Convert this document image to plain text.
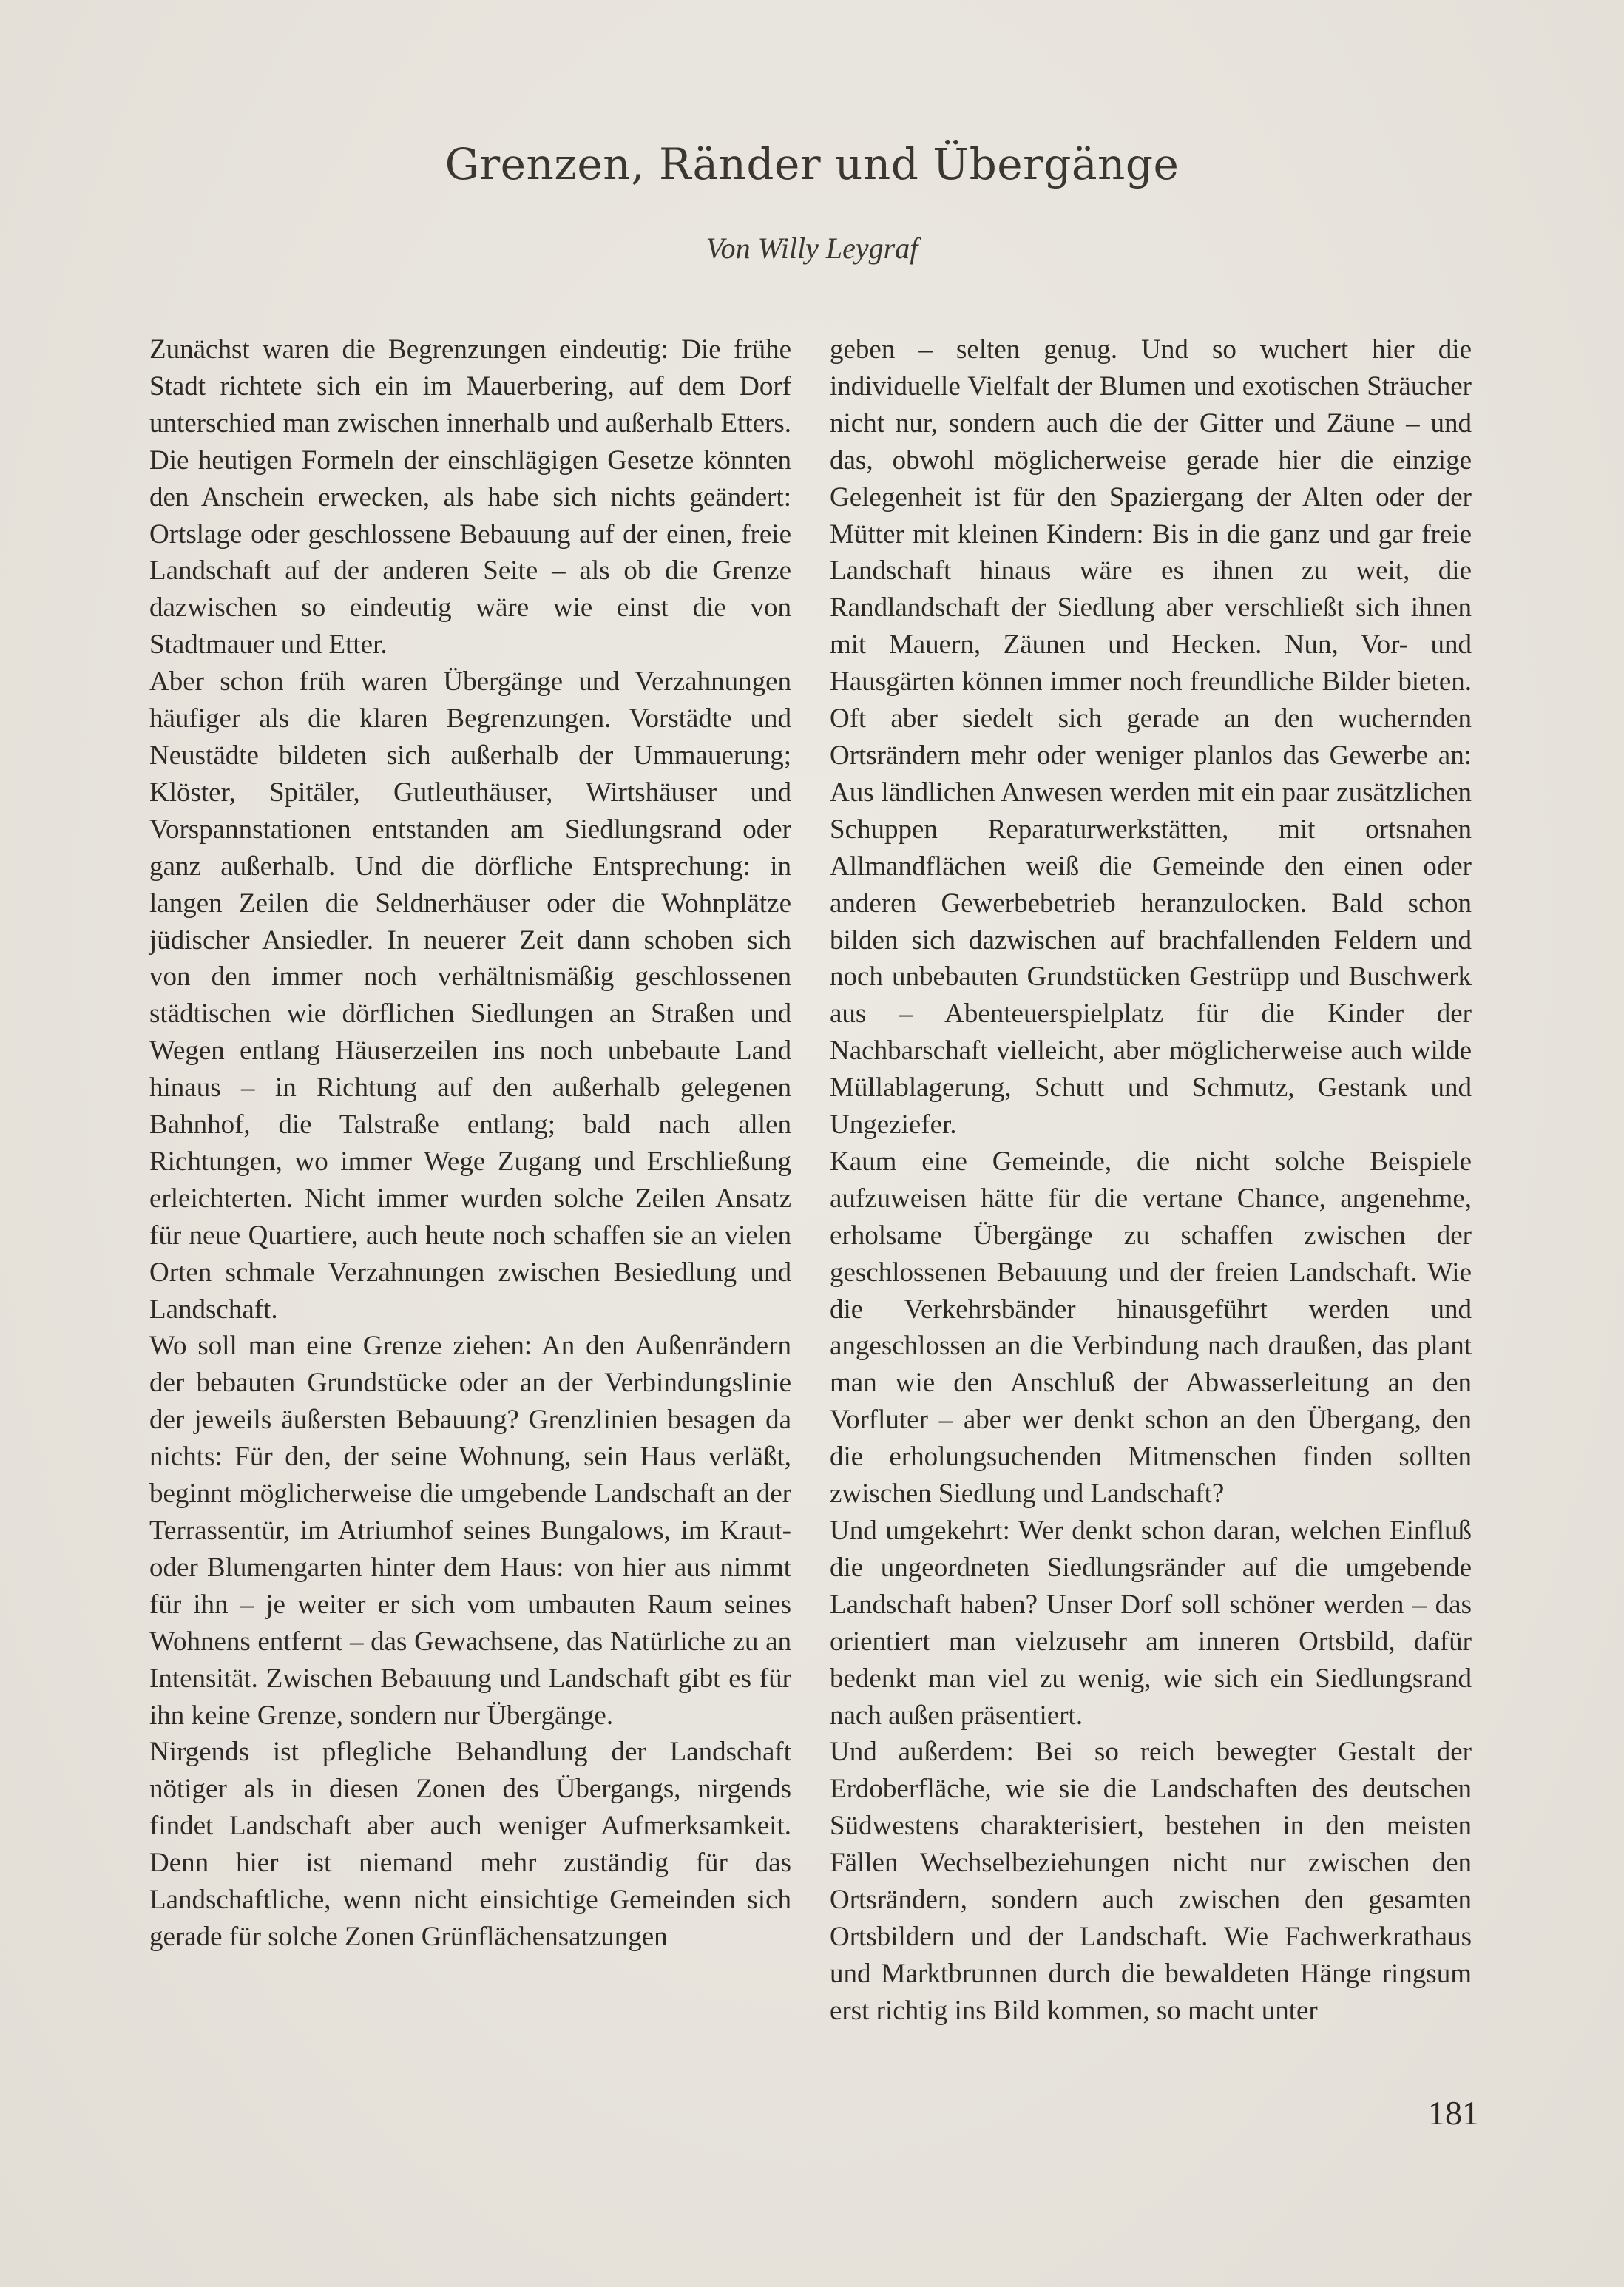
Grenzen, Ränder und Übergänge

Von Willy Leygraf

Zunächst waren die Begrenzungen eindeutig: Die frühe Stadt richtete sich ein im Mauerbering, auf dem Dorf unterschied man zwischen innerhalb und außerhalb Etters. Die heutigen Formeln der einschlägigen Gesetze könnten den Anschein erwecken, als habe sich nichts geändert: Ortslage oder geschlossene Bebauung auf der einen, freie Landschaft auf der anderen Seite – als ob die Grenze dazwischen so eindeutig wäre wie einst die von Stadtmauer und Etter.

Aber schon früh waren Übergänge und Verzahnungen häufiger als die klaren Begrenzungen. Vorstädte und Neustädte bildeten sich außerhalb der Ummauerung; Klöster, Spitäler, Gutleuthäuser, Wirtshäuser und Vorspannstationen entstanden am Siedlungsrand oder ganz außerhalb. Und die dörfliche Entsprechung: in langen Zeilen die Seldnerhäuser oder die Wohnplätze jüdischer Ansiedler. In neuerer Zeit dann schoben sich von den immer noch verhältnismäßig geschlossenen städtischen wie dörflichen Siedlungen an Straßen und Wegen entlang Häuserzeilen ins noch unbebaute Land hinaus – in Richtung auf den außerhalb gelegenen Bahnhof, die Talstraße entlang; bald nach allen Richtungen, wo immer Wege Zugang und Erschließung erleichterten. Nicht immer wurden solche Zeilen Ansatz für neue Quartiere, auch heute noch schaffen sie an vielen Orten schmale Verzahnungen zwischen Besiedlung und Landschaft.

Wo soll man eine Grenze ziehen: An den Außenrändern der bebauten Grundstücke oder an der Verbindungslinie der jeweils äußersten Bebauung? Grenzlinien besagen da nichts: Für den, der seine Wohnung, sein Haus verläßt, beginnt möglicherweise die umgebende Landschaft an der Terrassentür, im Atriumhof seines Bungalows, im Kraut- oder Blumengarten hinter dem Haus: von hier aus nimmt für ihn – je weiter er sich vom umbauten Raum seines Wohnens entfernt – das Gewachsene, das Natürliche zu an Intensität. Zwischen Bebauung und Landschaft gibt es für ihn keine Grenze, sondern nur Übergänge.

Nirgends ist pflegliche Behandlung der Landschaft nötiger als in diesen Zonen des Übergangs, nirgends findet Landschaft aber auch weniger Aufmerksamkeit. Denn hier ist niemand mehr zuständig für das Landschaftliche, wenn nicht einsichtige Gemeinden sich gerade für solche Zonen Grünflächensatzungen

geben – selten genug. Und so wuchert hier die individuelle Vielfalt der Blumen und exotischen Sträucher nicht nur, sondern auch die der Gitter und Zäune – und das, obwohl möglicherweise gerade hier die einzige Gelegenheit ist für den Spaziergang der Alten oder der Mütter mit kleinen Kindern: Bis in die ganz und gar freie Landschaft hinaus wäre es ihnen zu weit, die Randlandschaft der Siedlung aber verschließt sich ihnen mit Mauern, Zäunen und Hecken. Nun, Vor- und Hausgärten können immer noch freundliche Bilder bieten. Oft aber siedelt sich gerade an den wuchernden Ortsrändern mehr oder weniger planlos das Gewerbe an: Aus ländlichen Anwesen werden mit ein paar zusätzlichen Schuppen Reparaturwerkstätten, mit ortsnahen Allmandflächen weiß die Gemeinde den einen oder anderen Gewerbebetrieb heranzulocken. Bald schon bilden sich dazwischen auf brachfallenden Feldern und noch unbebauten Grundstücken Gestrüpp und Buschwerk aus – Abenteuerspielplatz für die Kinder der Nachbarschaft vielleicht, aber möglicherweise auch wilde Müllablagerung, Schutt und Schmutz, Gestank und Ungeziefer.

Kaum eine Gemeinde, die nicht solche Beispiele aufzuweisen hätte für die vertane Chance, angenehme, erholsame Übergänge zu schaffen zwischen der geschlossenen Bebauung und der freien Landschaft. Wie die Verkehrsbänder hinausgeführt werden und angeschlossen an die Verbindung nach draußen, das plant man wie den Anschluß der Abwasserleitung an den Vorfluter – aber wer denkt schon an den Übergang, den die erholungsuchenden Mitmenschen finden sollten zwischen Siedlung und Landschaft?

Und umgekehrt: Wer denkt schon daran, welchen Einfluß die ungeordneten Siedlungsränder auf die umgebende Landschaft haben? Unser Dorf soll schöner werden – das orientiert man vielzusehr am inneren Ortsbild, dafür bedenkt man viel zu wenig, wie sich ein Siedlungsrand nach außen präsentiert.

Und außerdem: Bei so reich bewegter Gestalt der Erdoberfläche, wie sie die Landschaften des deutschen Südwestens charakterisiert, bestehen in den meisten Fällen Wechselbeziehungen nicht nur zwischen den Ortsrändern, sondern auch zwischen den gesamten Ortsbildern und der Landschaft. Wie Fachwerkrathaus und Marktbrunnen durch die bewaldeten Hänge ringsum erst richtig ins Bild kommen, so macht unter

181
